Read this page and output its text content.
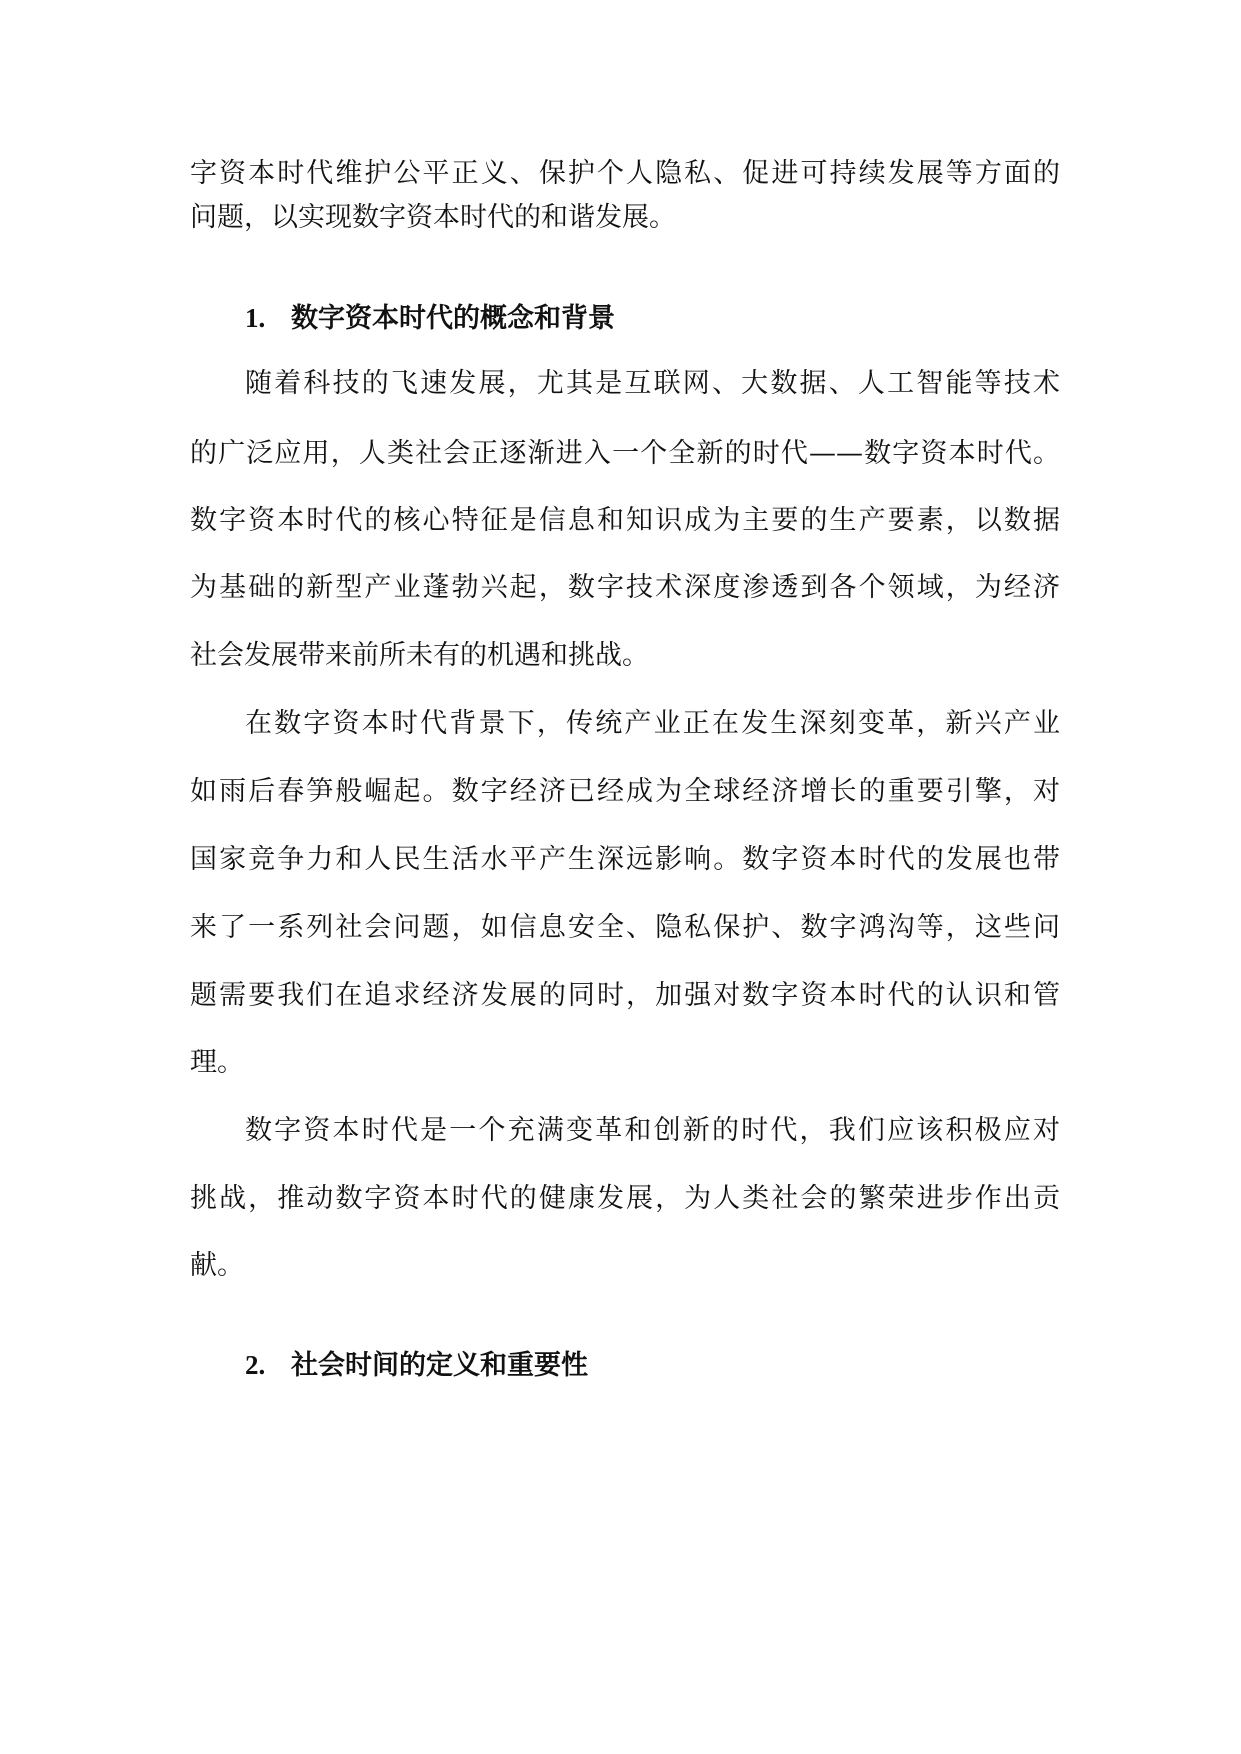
字资本时代维护公平正义、保护个人隐私、促进可持续发展等方面的
问题，以实现数字资本时代的和谐发展。
1. 数字资本时代的概念和背景
随着科技的飞速发展，尤其是互联网、大数据、人工智能等技术
的广泛应用，人类社会正逐渐进入一个全新的时代——数字资本时代。
数字资本时代的核心特征是信息和知识成为主要的生产要素，以数据
为基础的新型产业蓬勃兴起，数字技术深度渗透到各个领域，为经济
社会发展带来前所未有的机遇和挑战。
在数字资本时代背景下，传统产业正在发生深刻变革，新兴产业
如雨后春笋般崛起。数字经济已经成为全球经济增长的重要引擎，对
国家竞争力和人民生活水平产生深远影响。数字资本时代的发展也带
来了一系列社会问题，如信息安全、隐私保护、数字鸿沟等，这些问
题需要我们在追求经济发展的同时，加强对数字资本时代的认识和管
理。
数字资本时代是一个充满变革和创新的时代，我们应该积极应对
挑战，推动数字资本时代的健康发展，为人类社会的繁荣进步作出贡
献。
2. 社会时间的定义和重要性
